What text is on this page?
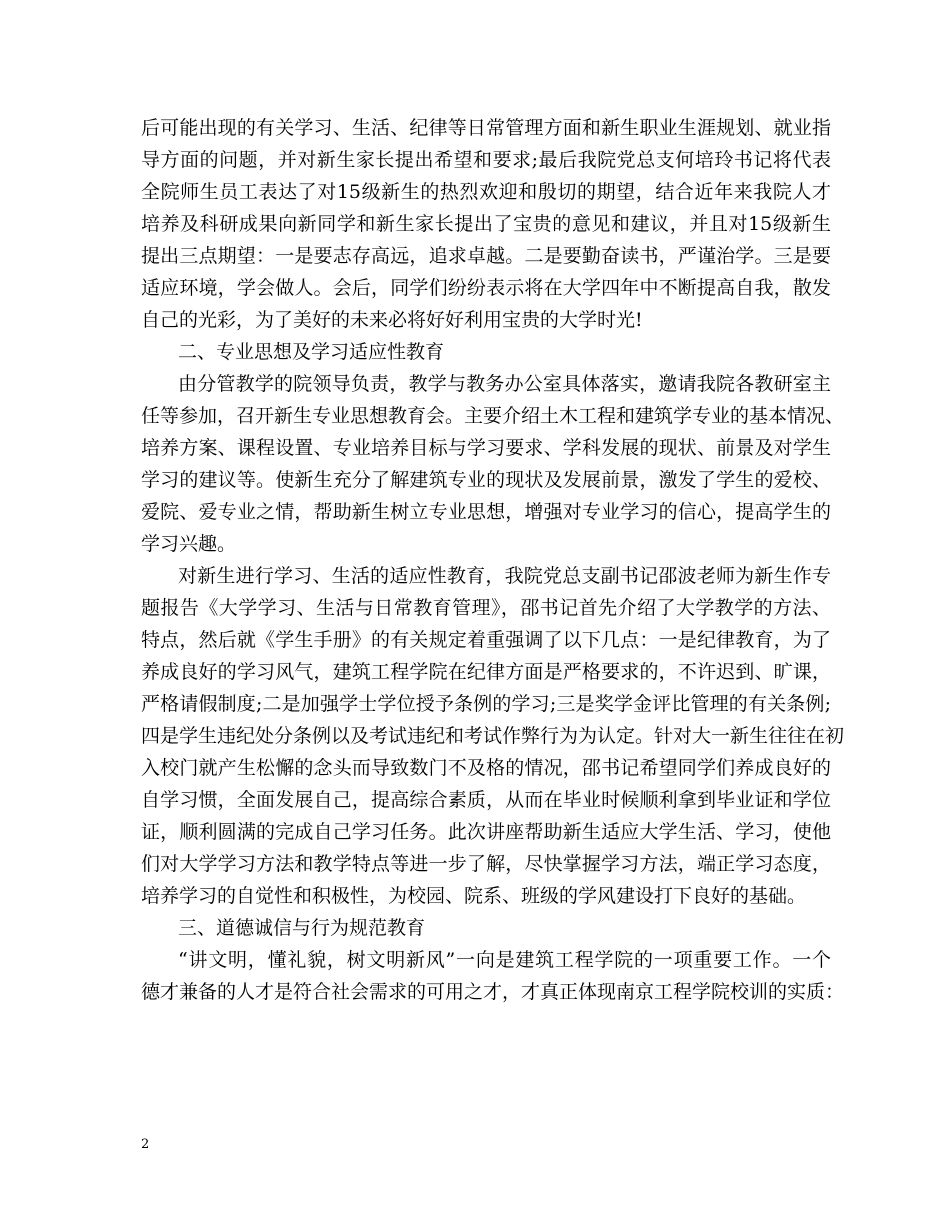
后可能出现的有关学习、生活、纪律等日常管理方面和新生职业生涯规划、就业指
导方面的问题，并对新生家长提出希望和要求;最后我院党总支何培玲书记将代表
全院师生员工表达了对15级新生的热烈欢迎和殷切的期望，结合近年来我院人才
培养及科研成果向新同学和新生家长提出了宝贵的意见和建议，并且对15级新生
提出三点期望：一是要志存高远，追求卓越。二是要勤奋读书，严谨治学。三是要
适应环境，学会做人。会后，同学们纷纷表示将在大学四年中不断提高自我，散发
自己的光彩，为了美好的未来必将好好利用宝贵的大学时光!
二、专业思想及学习适应性教育
由分管教学的院领导负责，教学与教务办公室具体落实，邀请我院各教研室主
任等参加，召开新生专业思想教育会。主要介绍土木工程和建筑学专业的基本情况、
培养方案、课程设置、专业培养目标与学习要求、学科发展的现状、前景及对学生
学习的建议等。使新生充分了解建筑专业的现状及发展前景，激发了学生的爱校、
爱院、爱专业之情，帮助新生树立专业思想，增强对专业学习的信心，提高学生的
学习兴趣。
对新生进行学习、生活的适应性教育，我院党总支副书记邵波老师为新生作专
题报告《大学学习、生活与日常教育管理》，邵书记首先介绍了大学教学的方法、
特点，然后就《学生手册》的有关规定着重强调了以下几点：一是纪律教育，为了
养成良好的学习风气，建筑工程学院在纪律方面是严格要求的，不许迟到、旷课，
严格请假制度;二是加强学士学位授予条例的学习;三是奖学金评比管理的有关条例;
四是学生违纪处分条例以及考试违纪和考试作弊行为为认定。针对大一新生往往在初
入校门就产生松懈的念头而导致数门不及格的情况，邵书记希望同学们养成良好的
自学习惯，全面发展自己，提高综合素质，从而在毕业时候顺利拿到毕业证和学位
证，顺利圆满的完成自己学习任务。此次讲座帮助新生适应大学生活、学习，使他
们对大学学习方法和教学特点等进一步了解，尽快掌握学习方法，端正学习态度，
培养学习的自觉性和积极性，为校园、院系、班级的学风建设打下良好的基础。
三、道德诚信与行为规范教育
“讲文明，懂礼貌，树文明新风”一向是建筑工程学院的一项重要工作。一个
德才兼备的人才是符合社会需求的可用之才，才真正体现南京工程学院校训的实质：
2
